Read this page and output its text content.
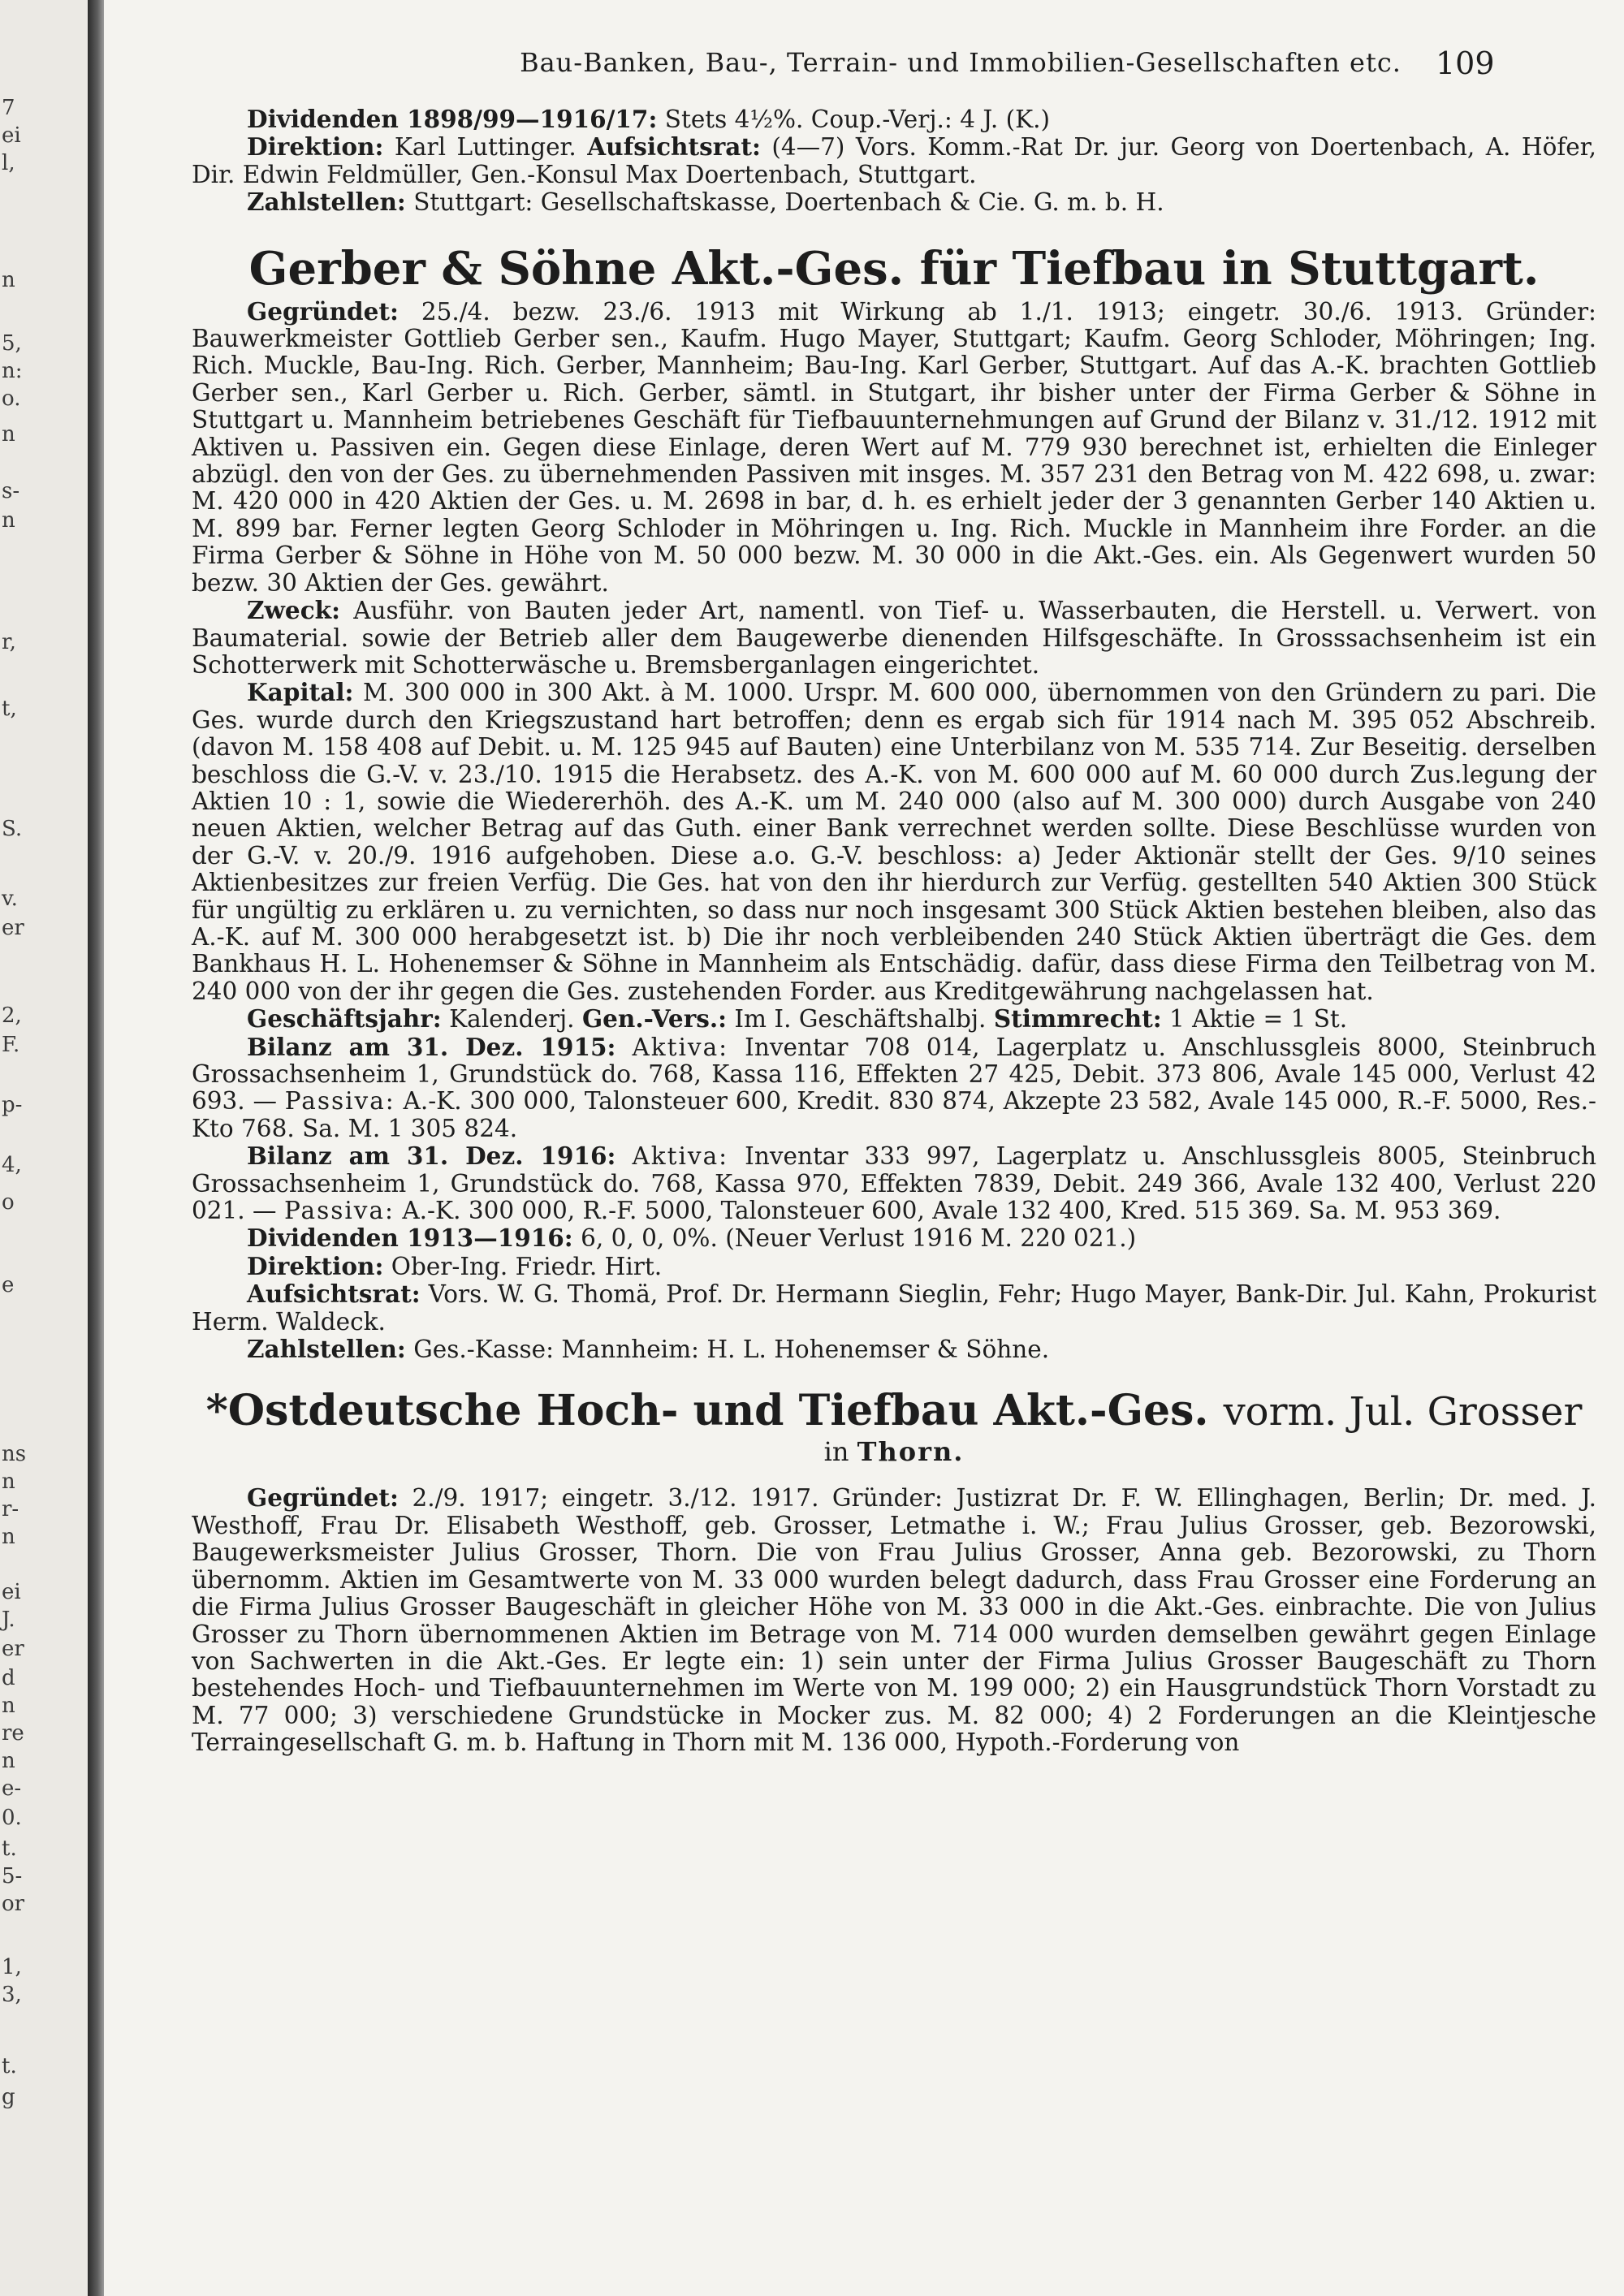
7
ei
l,
n
5,
n:
o.
n
s-
n
r,
t,
S.
v.
er
2,
F.
p-
4,
o
e
ns
n
r-
n
ei
J.
er
d
n
re
n
e-
0.
t.
5-
or
1,
3,
t.
g
Bau-Banken, Bau-, Terrain- und Immobilien-Gesellschaften etc.	109

Dividenden 1898/99—1916/17: Stets 4½%. Coup.-Verj.: 4 J. (K.)

Direktion: Karl Luttinger. Aufsichtsrat: (4—7) Vors. Komm.-Rat Dr. jur. Georg von Doertenbach, A. Höfer, Dir. Edwin Feldmüller, Gen.-Konsul Max Doertenbach, Stuttgart.

Zahlstellen: Stuttgart: Gesellschaftskasse, Doertenbach & Cie. G. m. b. H.

Gerber & Söhne Akt.-Ges. für Tiefbau in Stuttgart.

Gegründet: 25./4. bezw. 23./6. 1913 mit Wirkung ab 1./1. 1913; eingetr. 30./6. 1913. Gründer: Bauwerkmeister Gottlieb Gerber sen., Kaufm. Hugo Mayer, Stuttgart; Kaufm. Georg Schloder, Möhringen; Ing. Rich. Muckle, Bau-Ing. Rich. Gerber, Mannheim; Bau-Ing. Karl Gerber, Stuttgart. Auf das A.-K. brachten Gottlieb Gerber sen., Karl Gerber u. Rich. Gerber, sämtl. in Stutgart, ihr bisher unter der Firma Gerber & Söhne in Stuttgart u. Mannheim betriebenes Geschäft für Tiefbauunternehmungen auf Grund der Bilanz v. 31./12. 1912 mit Aktiven u. Passiven ein. Gegen diese Einlage, deren Wert auf M. 779 930 berechnet ist, erhielten die Einleger abzügl. den von der Ges. zu übernehmenden Passiven mit insges. M. 357 231 den Betrag von M. 422 698, u. zwar: M. 420 000 in 420 Aktien der Ges. u. M. 2698 in bar, d. h. es erhielt jeder der 3 genannten Gerber 140 Aktien u. M. 899 bar. Ferner legten Georg Schloder in Möhringen u. Ing. Rich. Muckle in Mannheim ihre Forder. an die Firma Gerber & Söhne in Höhe von M. 50 000 bezw. M. 30 000 in die Akt.-Ges. ein. Als Gegenwert wurden 50 bezw. 30 Aktien der Ges. gewährt.

Zweck: Ausführ. von Bauten jeder Art, namentl. von Tief- u. Wasserbauten, die Herstell. u. Verwert. von Baumaterial. sowie der Betrieb aller dem Baugewerbe dienenden Hilfsgeschäfte. In Grosssachsenheim ist ein Schotterwerk mit Schotterwäsche u. Bremsberganlagen eingerichtet.

Kapital: M. 300 000 in 300 Akt. à M. 1000. Urspr. M. 600 000, übernommen von den Gründern zu pari. Die Ges. wurde durch den Kriegszustand hart betroffen; denn es ergab sich für 1914 nach M. 395 052 Abschreib. (davon M. 158 408 auf Debit. u. M. 125 945 auf Bauten) eine Unterbilanz von M. 535 714. Zur Beseitig. derselben beschloss die G.-V. v. 23./10. 1915 die Herabsetz. des A.-K. von M. 600 000 auf M. 60 000 durch Zus.legung der Aktien 10 : 1, sowie die Wiedererhöh. des A.-K. um M. 240 000 (also auf M. 300 000) durch Ausgabe von 240 neuen Aktien, welcher Betrag auf das Guth. einer Bank verrechnet werden sollte. Diese Beschlüsse wurden von der G.-V. v. 20./9. 1916 aufgehoben. Diese a.o. G.-V. beschloss: a) Jeder Aktionär stellt der Ges. 9/10 seines Aktienbesitzes zur freien Verfüg. Die Ges. hat von den ihr hierdurch zur Verfüg. gestellten 540 Aktien 300 Stück für ungültig zu erklären u. zu vernichten, so dass nur noch insgesamt 300 Stück Aktien bestehen bleiben, also das A.-K. auf M. 300 000 herabgesetzt ist. b) Die ihr noch verbleibenden 240 Stück Aktien überträgt die Ges. dem Bankhaus H. L. Hohenemser & Söhne in Mannheim als Entschädig. dafür, dass diese Firma den Teilbetrag von M. 240 000 von der ihr gegen die Ges. zustehenden Forder. aus Kreditgewährung nachgelassen hat.

Geschäftsjahr: Kalenderj. Gen.-Vers.: Im I. Geschäftshalbj. Stimmrecht: 1 Aktie = 1 St.

Bilanz am 31. Dez. 1915: Aktiva: Inventar 708 014, Lagerplatz u. Anschlussgleis 8000, Steinbruch Grossachsenheim 1, Grundstück do. 768, Kassa 116, Effekten 27 425, Debit. 373 806, Avale 145 000, Verlust 42 693. — Passiva: A.-K. 300 000, Talonsteuer 600, Kredit. 830 874, Akzepte 23 582, Avale 145 000, R.-F. 5000, Res.-Kto 768. Sa. M. 1 305 824.

Bilanz am 31. Dez. 1916: Aktiva: Inventar 333 997, Lagerplatz u. Anschlussgleis 8005, Steinbruch Grossachsenheim 1, Grundstück do. 768, Kassa 970, Effekten 7839, Debit. 249 366, Avale 132 400, Verlust 220 021. — Passiva: A.-K. 300 000, R.-F. 5000, Talonsteuer 600, Avale 132 400, Kred. 515 369. Sa. M. 953 369.

Dividenden 1913—1916: 6, 0, 0, 0%. (Neuer Verlust 1916 M. 220 021.)

Direktion: Ober-Ing. Friedr. Hirt.

Aufsichtsrat: Vors. W. G. Thomä, Prof. Dr. Hermann Sieglin, Fehr; Hugo Mayer, Bank-Dir. Jul. Kahn, Prokurist Herm. Waldeck.

Zahlstellen: Ges.-Kasse: Mannheim: H. L. Hohenemser & Söhne.

*Ostdeutsche Hoch- und Tiefbau Akt.-Ges. vorm. Jul. Grosser
in Thorn.

Gegründet: 2./9. 1917; eingetr. 3./12. 1917. Gründer: Justizrat Dr. F. W. Ellinghagen, Berlin; Dr. med. J. Westhoff, Frau Dr. Elisabeth Westhoff, geb. Grosser, Letmathe i. W.; Frau Julius Grosser, geb. Bezorowski, Baugewerksmeister Julius Grosser, Thorn. Die von Frau Julius Grosser, Anna geb. Bezorowski, zu Thorn übernomm. Aktien im Gesamtwerte von M. 33 000 wurden belegt dadurch, dass Frau Grosser eine Forderung an die Firma Julius Grosser Baugeschäft in gleicher Höhe von M. 33 000 in die Akt.-Ges. einbrachte. Die von Julius Grosser zu Thorn übernommenen Aktien im Betrage von M. 714 000 wurden demselben gewährt gegen Einlage von Sachwerten in die Akt.-Ges. Er legte ein: 1) sein unter der Firma Julius Grosser Baugeschäft zu Thorn bestehendes Hoch- und Tiefbauunternehmen im Werte von M. 199 000; 2) ein Hausgrundstück Thorn Vorstadt zu M. 77 000; 3) verschiedene Grundstücke in Mocker zus. M. 82 000; 4) 2 Forderungen an die Kleintjesche Terraingesellschaft G. m. b. Haftung in Thorn mit M. 136 000, Hypoth.-Forderung von
